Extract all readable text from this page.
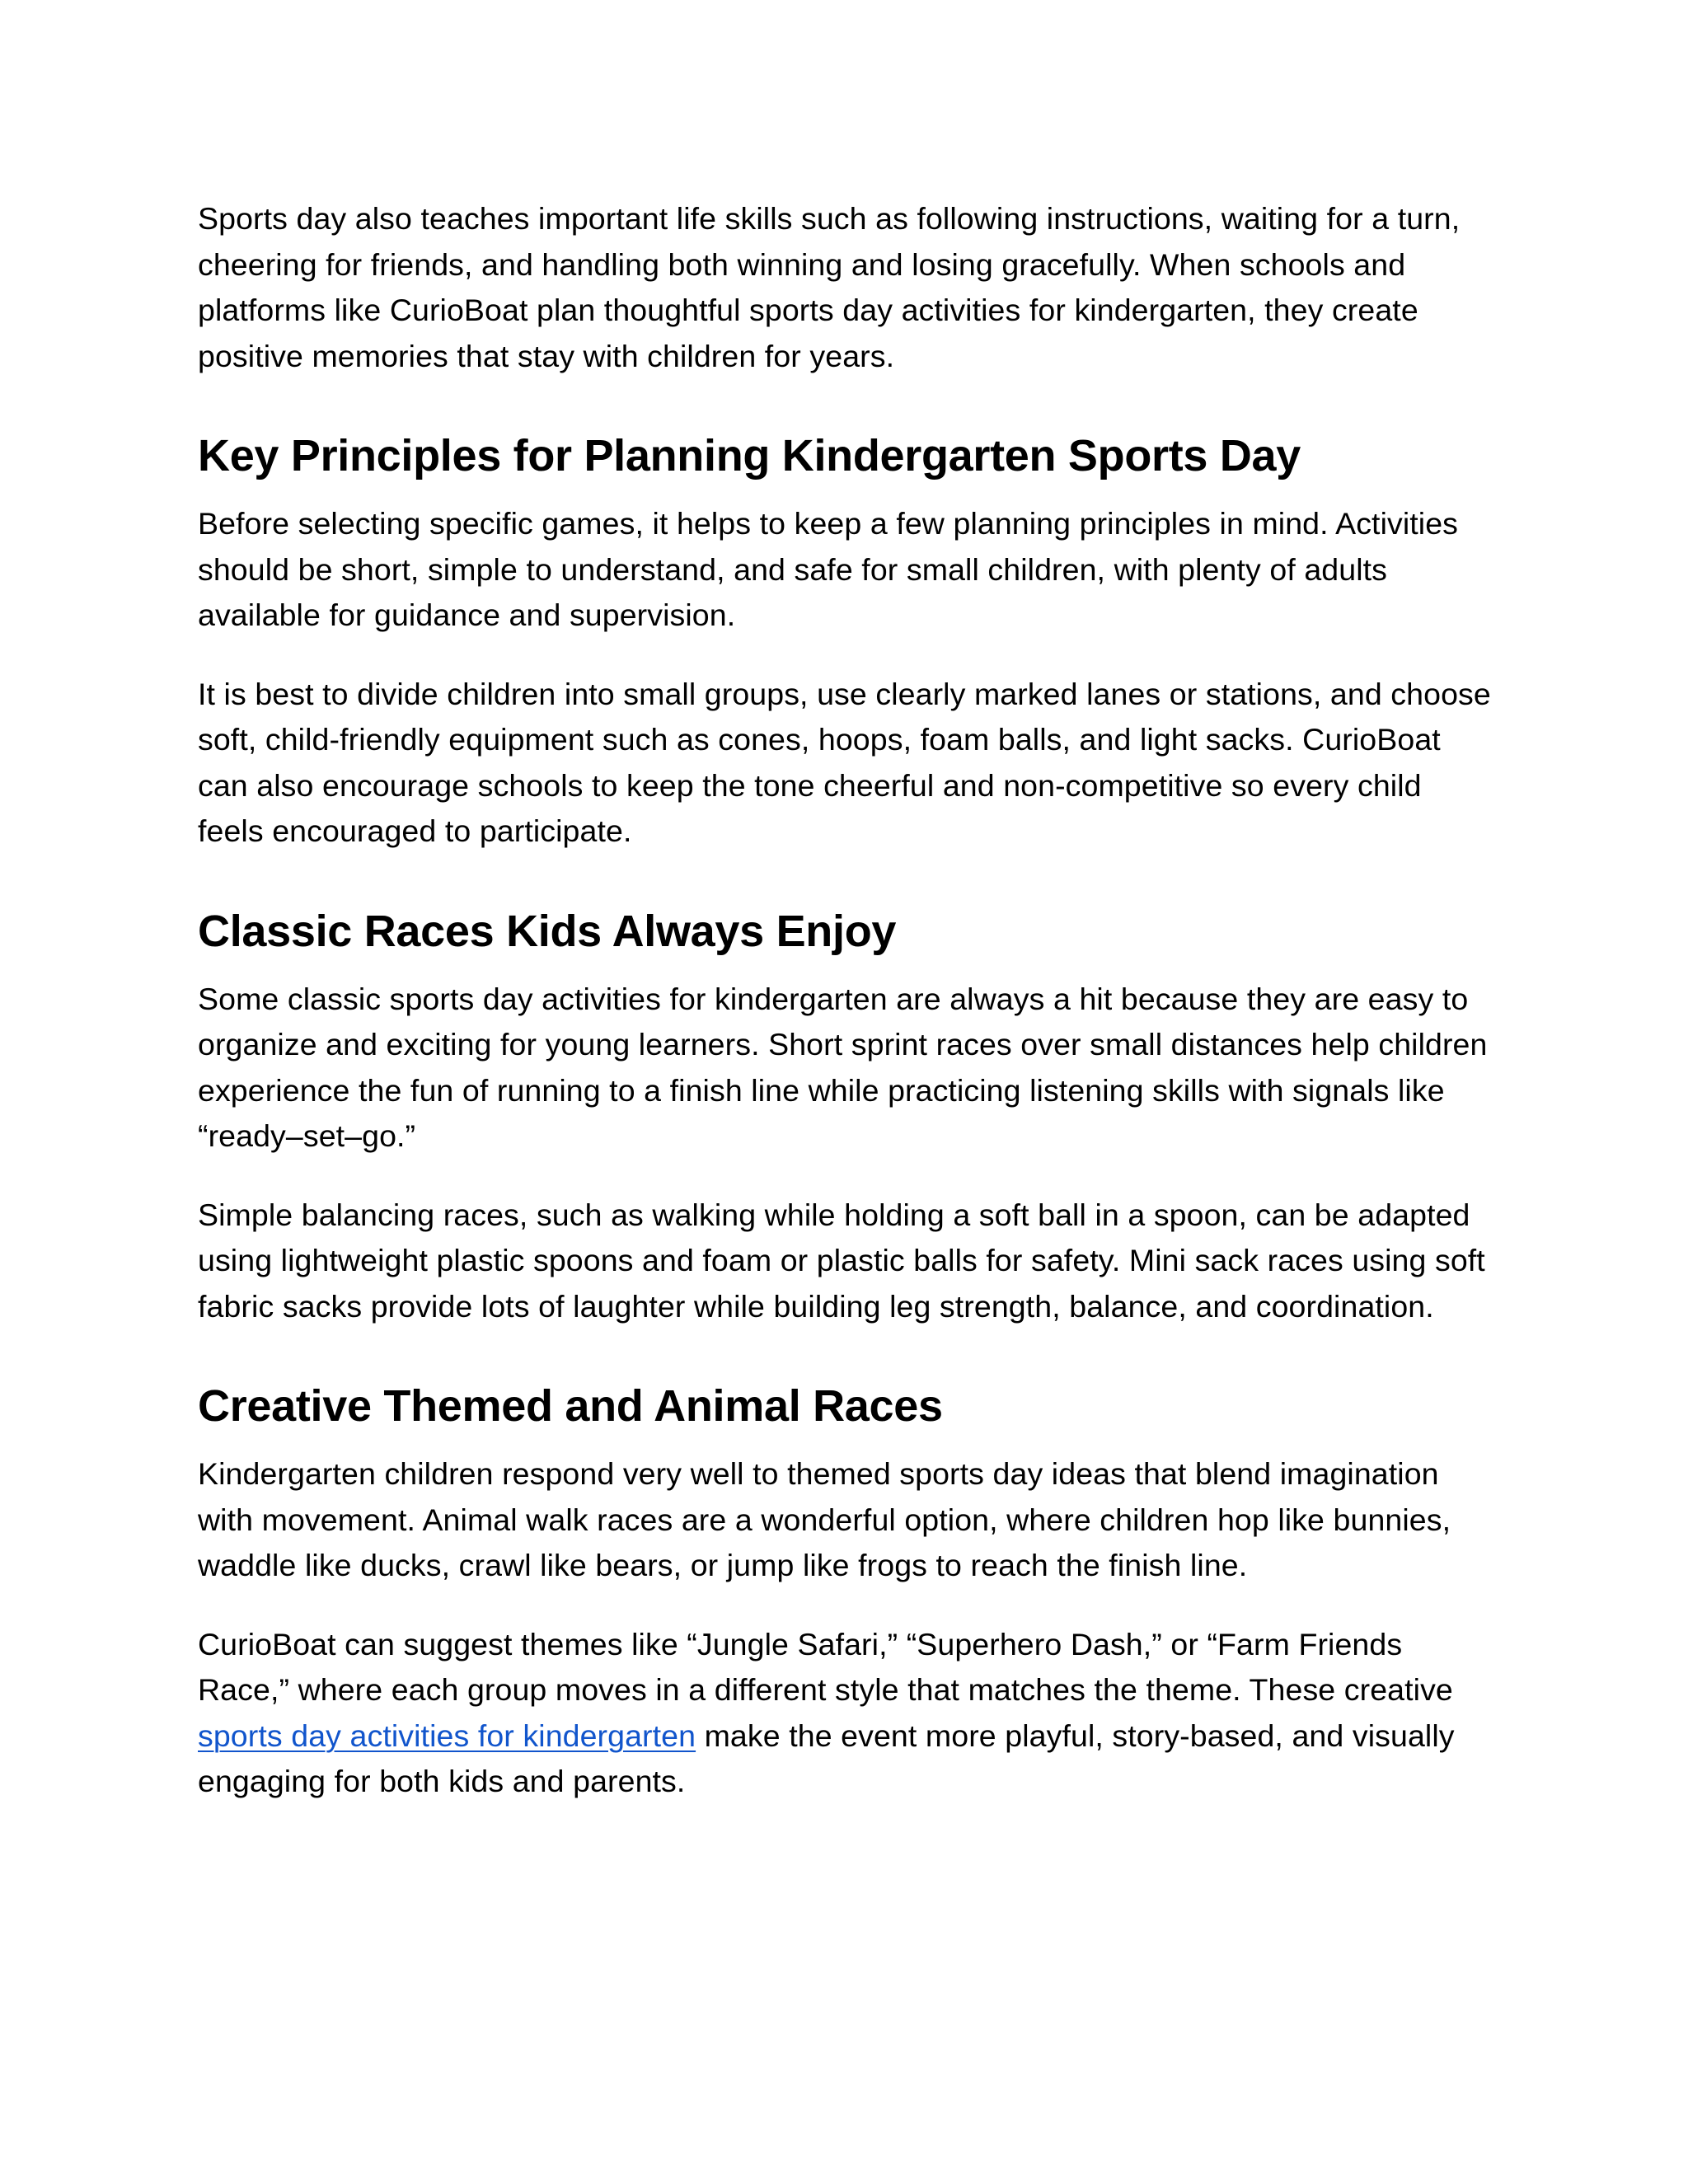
Sports day also teaches important life skills such as following instructions, waiting for a turn, cheering for friends, and handling both winning and losing gracefully. When schools and platforms like CurioBoat plan thoughtful sports day activities for kindergarten, they create positive memories that stay with children for years.

Key Principles for Planning Kindergarten Sports Day

Before selecting specific games, it helps to keep a few planning principles in mind. Activities should be short, simple to understand, and safe for small children, with plenty of adults available for guidance and supervision.

It is best to divide children into small groups, use clearly marked lanes or stations, and choose soft, child-friendly equipment such as cones, hoops, foam balls, and light sacks. CurioBoat can also encourage schools to keep the tone cheerful and non-competitive so every child feels encouraged to participate.

Classic Races Kids Always Enjoy

Some classic sports day activities for kindergarten are always a hit because they are easy to organize and exciting for young learners. Short sprint races over small distances help children experience the fun of running to a finish line while practicing listening skills with signals like “ready–set–go.”

Simple balancing races, such as walking while holding a soft ball in a spoon, can be adapted using lightweight plastic spoons and foam or plastic balls for safety. Mini sack races using soft fabric sacks provide lots of laughter while building leg strength, balance, and coordination.

Creative Themed and Animal Races

Kindergarten children respond very well to themed sports day ideas that blend imagination with movement. Animal walk races are a wonderful option, where children hop like bunnies, waddle like ducks, crawl like bears, or jump like frogs to reach the finish line.

CurioBoat can suggest themes like “Jungle Safari,” “Superhero Dash,” or “Farm Friends Race,” where each group moves in a different style that matches the theme. These creative sports day activities for kindergarten make the event more playful, story-based, and visually engaging for both kids and parents.
